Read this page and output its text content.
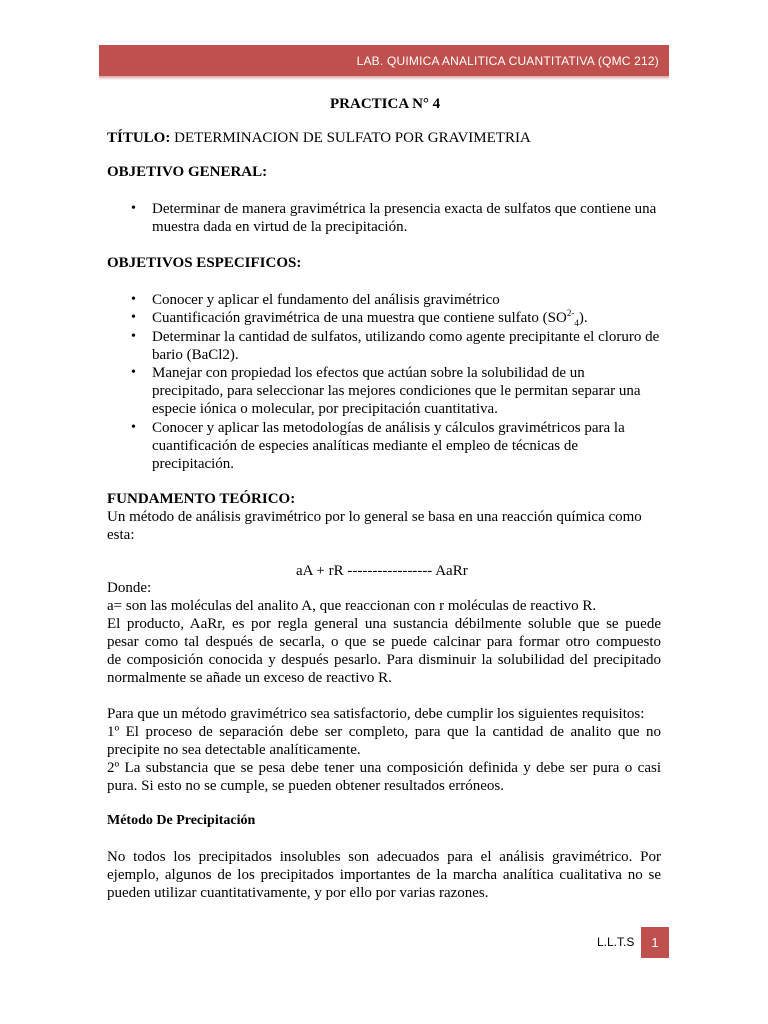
LAB. QUIMICA ANALITICA CUANTITATIVA (QMC 212)
PRACTICA N° 4
TÍTULO: DETERMINACION DE SULFATO POR GRAVIMETRIA
OBJETIVO GENERAL:
• Determinar de manera gravimétrica la presencia exacta de sulfatos que contiene una
muestra dada en virtud de la precipitación.
OBJETIVOS ESPECIFICOS:
• Conocer y aplicar el fundamento del análisis gravimétrico
• Cuantificación gravimétrica de una muestra que contiene sulfato $(SO^{2-}_4)$.
• Determinar la cantidad de sulfatos, utilizando como agente precipitante el cloruro de
bario (BaCl2).
• Manejar con propiedad los efectos que actúan sobre la solubilidad de un
precipitado, para seleccionar las mejores condiciones que le permitan separar una
especie iónica o molecular, por precipitación cuantitativa.
• Conocer y aplicar las metodologías de análisis y cálculos gravimétricos para la
cuantificación de especies analíticas mediante el empleo de técnicas de
precipitación.
FUNDAMENTO TEÓRICO:
Un método de análisis gravimétrico por lo general se basa en una reacción química como
esta:
aA + rR ----------------- AaRr
Donde:
a= son las moléculas del analito A, que reaccionan con r moléculas de reactivo R.
El producto, AaRr, es por regla general una sustancia débilmente soluble que se puede
pesar como tal después de secarla, o que se puede calcinar para formar otro compuesto
de composición conocida y después pesarlo. Para disminuir la solubilidad del precipitado
normalmente se añade un exceso de reactivo R.
Para que un método gravimétrico sea satisfactorio, debe cumplir los siguientes requisitos:
1º El proceso de separación debe ser completo, para que la cantidad de analito que no
precipite no sea detectable analíticamente.
2º La substancia que se pesa debe tener una composición definida y debe ser pura o casi
pura. Si esto no se cumple, se pueden obtener resultados erróneos.
Método De Precipitación
No todos los precipitados insolubles son adecuados para el análisis gravimétrico. Por
ejemplo, algunos de los precipitados importantes de la marcha analítica cualitativa no se
pueden utilizar cuantitativamente, y por ello por varias razones.
L.L.T.S 1
